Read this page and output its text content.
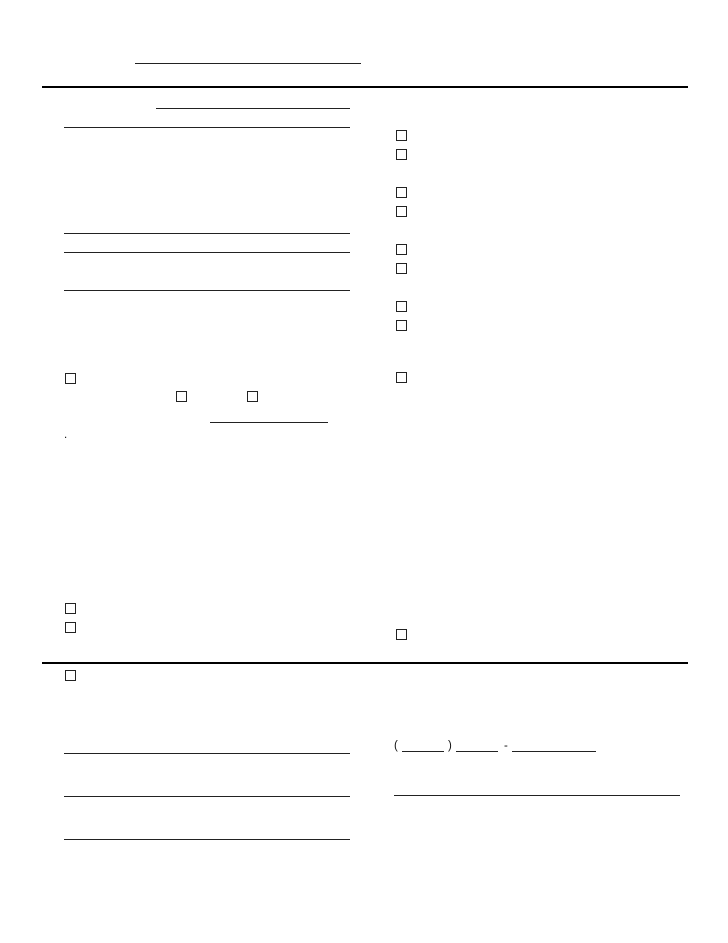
.
(	)	-
